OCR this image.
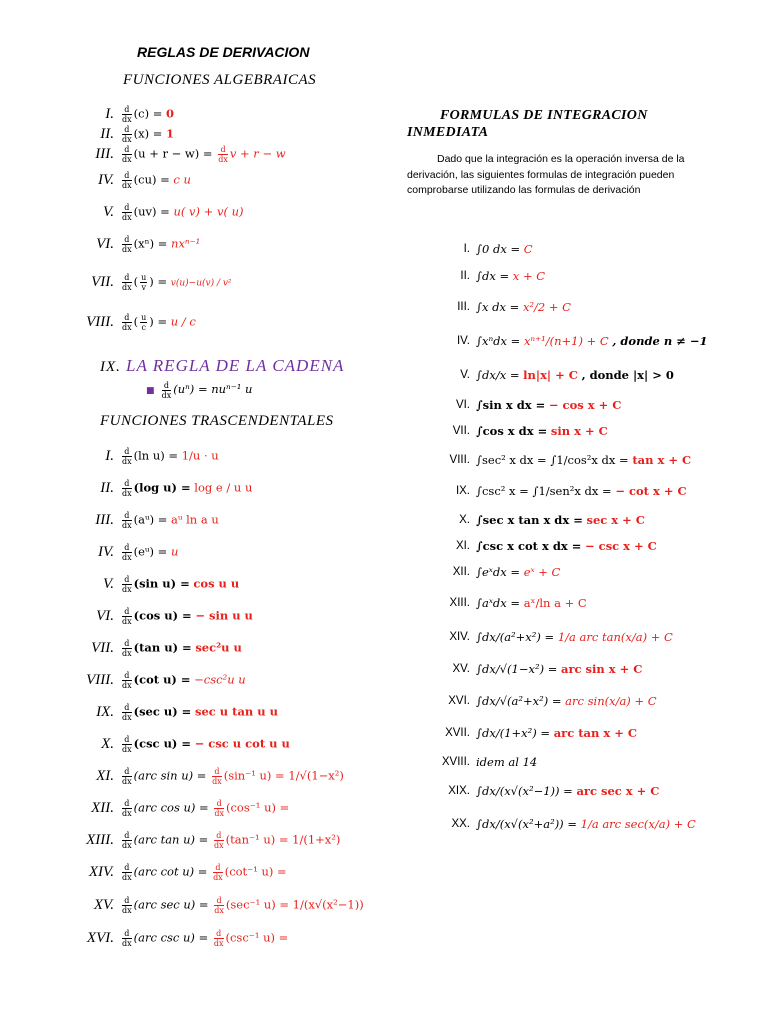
REGLAS DE DERIVACION
FUNCIONES ALGEBRAICAS
I. $\frac{d}{dx} (c) = 0$
II. $\frac{d}{dx} (x) = 1$
III. $\frac{d}{dx} (u + r - w) = \frac{d}{dx}$ v + r − w
IV. $\frac{d}{dx} (cu) = c$ u
V. $\frac{d}{dx} (uv) = u$( v) + v( u)
VI. $\frac{d}{dx} (x^n) = nx^{n-1}$
VII. $\frac{d}{dx}$ ( $\frac{u}{v}$ ) = v(u)−u(v) / v²
VIII. $\frac{d}{dx}$ ( $\frac{u}{c}$ ) = u / c
IX. LA REGLA DE LA CADENA
■ $\frac{d}{dx} (u^n) = nu^{n-1}$ u
FUNCIONES TRASCENDENTALES
I. $\frac{d}{dx} (\ln$ u) = 1/u · u
II. $\frac{d}{dx} (\log$ u) = log e / u u
III. $\frac{d}{dx}$ (aᵘ) = aᵘ ln a u
IV. $\frac{d}{dx}$ (eᵘ) = u
V. $\frac{d}{dx} (\sin$ u) = cos u u
VI. $\frac{d}{dx} (\cos$ u) = − sin u u
VII. $\frac{d}{dx} (\tan$ u) = sec²u u
VIII. $\frac{d}{dx} (\cot$ u) = −csc²u u
IX. $\frac{d}{dx} (\sec$ u) = sec u tan u u
X. $\frac{d}{dx} (\csc$ u) = − csc u cot u u
XI. $\frac{d}{dx} (arc$ $\sin u) = \frac{d}{dx} (\sin^{-1}$ u) = 1/√(1−x²)
XII. $\frac{d}{dx} (arc$ $\cos u) = \frac{d}{dx} (\cos^{-1}$ u) =
XIII. $\frac{d}{dx} (arc$ $\tan u) = \frac{d}{dx} (\tan^{-1}$ u) = 1/(1+x²)
XIV. $\frac{d}{dx} (arc$ $\cot u) = \frac{d}{dx} (\cot^{-1}$ u) =
XV. $\frac{d}{dx} (arc$ $\sec u) = \frac{d}{dx} (\sec^{-1}$ u) = 1/(x√(x²−1))
XVI. $\frac{d}{dx} (arc$ $\csc u) = \frac{d}{dx} (\csc^{-1}$ u) =
FORMULAS DE INTEGRACION
INMEDIATA
Dado que la integración es la operación inversa de la derivación, las siguientes formulas de integración pueden comprobarse utilizando las formulas de derivación
I. ∫0 dx = C
II. ∫dx = x + C
III. ∫x dx = x²/2 + C
IV. ∫xⁿdx = xⁿ⁺¹/(n+1) + C , donde n ≠ −1
V. ∫dx/x = ln|x| + C , donde |x| > 0
VI. ∫sin x dx = − cos x + C
VII. ∫cos x dx = sin x + C
VIII. ∫sec² x dx = ∫1/cos²x dx = tan x + C
IX. ∫csc² x = ∫1/sen²x dx = − cot x + C
X. ∫sec x tan x dx = sec x + C
XI. ∫csc x cot x dx = − csc x + C
XII. ∫eˣdx = eˣ + C
XIII. ∫aˣdx = aˣ/ln a + C
XIV. ∫dx/(a²+x²) = 1/a arc tan(x/a) + C
XV. ∫dx/√(1−x²) = arc sin x + C
XVI. ∫dx/√(a²+x²) = arc sin(x/a) + C
XVII. ∫dx/(1+x²) = arc tan x + C
XVIII. idem al 14
XIX. ∫dx/(x√(x²−1)) = arc sec x + C
XX. ∫dx/(x√(x²+a²)) = 1/a arc sec(x/a) + C
